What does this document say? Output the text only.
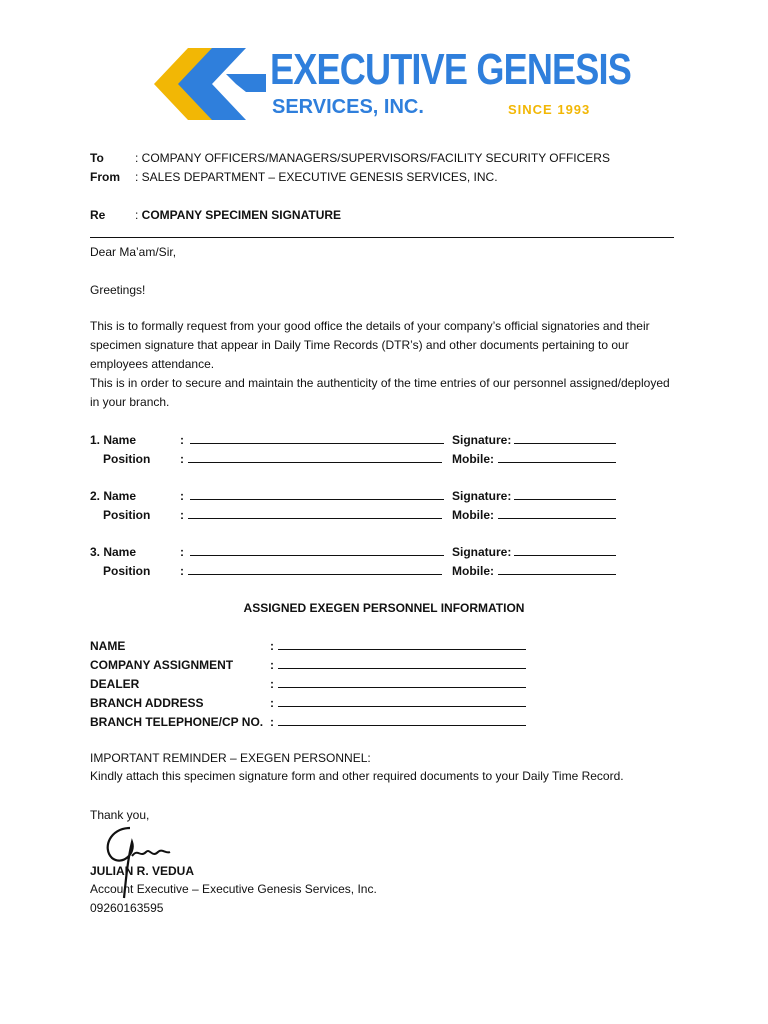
EXECUTIVE GENESIS
SERVICES, INC.	SINCE 1993
To	: COMPANY OFFICERS/MANAGERS/SUPERVISORS/FACILITY SECURITY OFFICERS
From : SALES DEPARTMENT – EXECUTIVE GENESIS SERVICES, INC.
Re : COMPANY SPECIMEN SIGNATURE
Dear Ma’am/Sir,
Greetings!
This is to formally request from your good office the details of your company’s official signatories and their specimen signature that appear in Daily Time Records (DTR’s) and other documents pertaining to our employees attendance.
This is in order to secure and maintain the authenticity of the time entries of our personnel assigned/deployed in your branch.
1. Name	:	Signature:
Position :	Mobile:
2. Name	:	Signature:
Position :	Mobile:
3. Name	:	Signature:
Position :	Mobile:
ASSIGNED EXEGEN PERSONNEL INFORMATION
NAME	:
COMPANY ASSIGNMENT	:
DEALER	:
BRANCH ADDRESS	:
BRANCH TELEPHONE/CP NO. :
IMPORTANT REMINDER – EXEGEN PERSONNEL:
Kindly attach this specimen signature form and other required documents to your Daily Time Record.
Thank you,
JULIAN R. VEDUA
Account Executive – Executive Genesis Services, Inc.
09260163595
